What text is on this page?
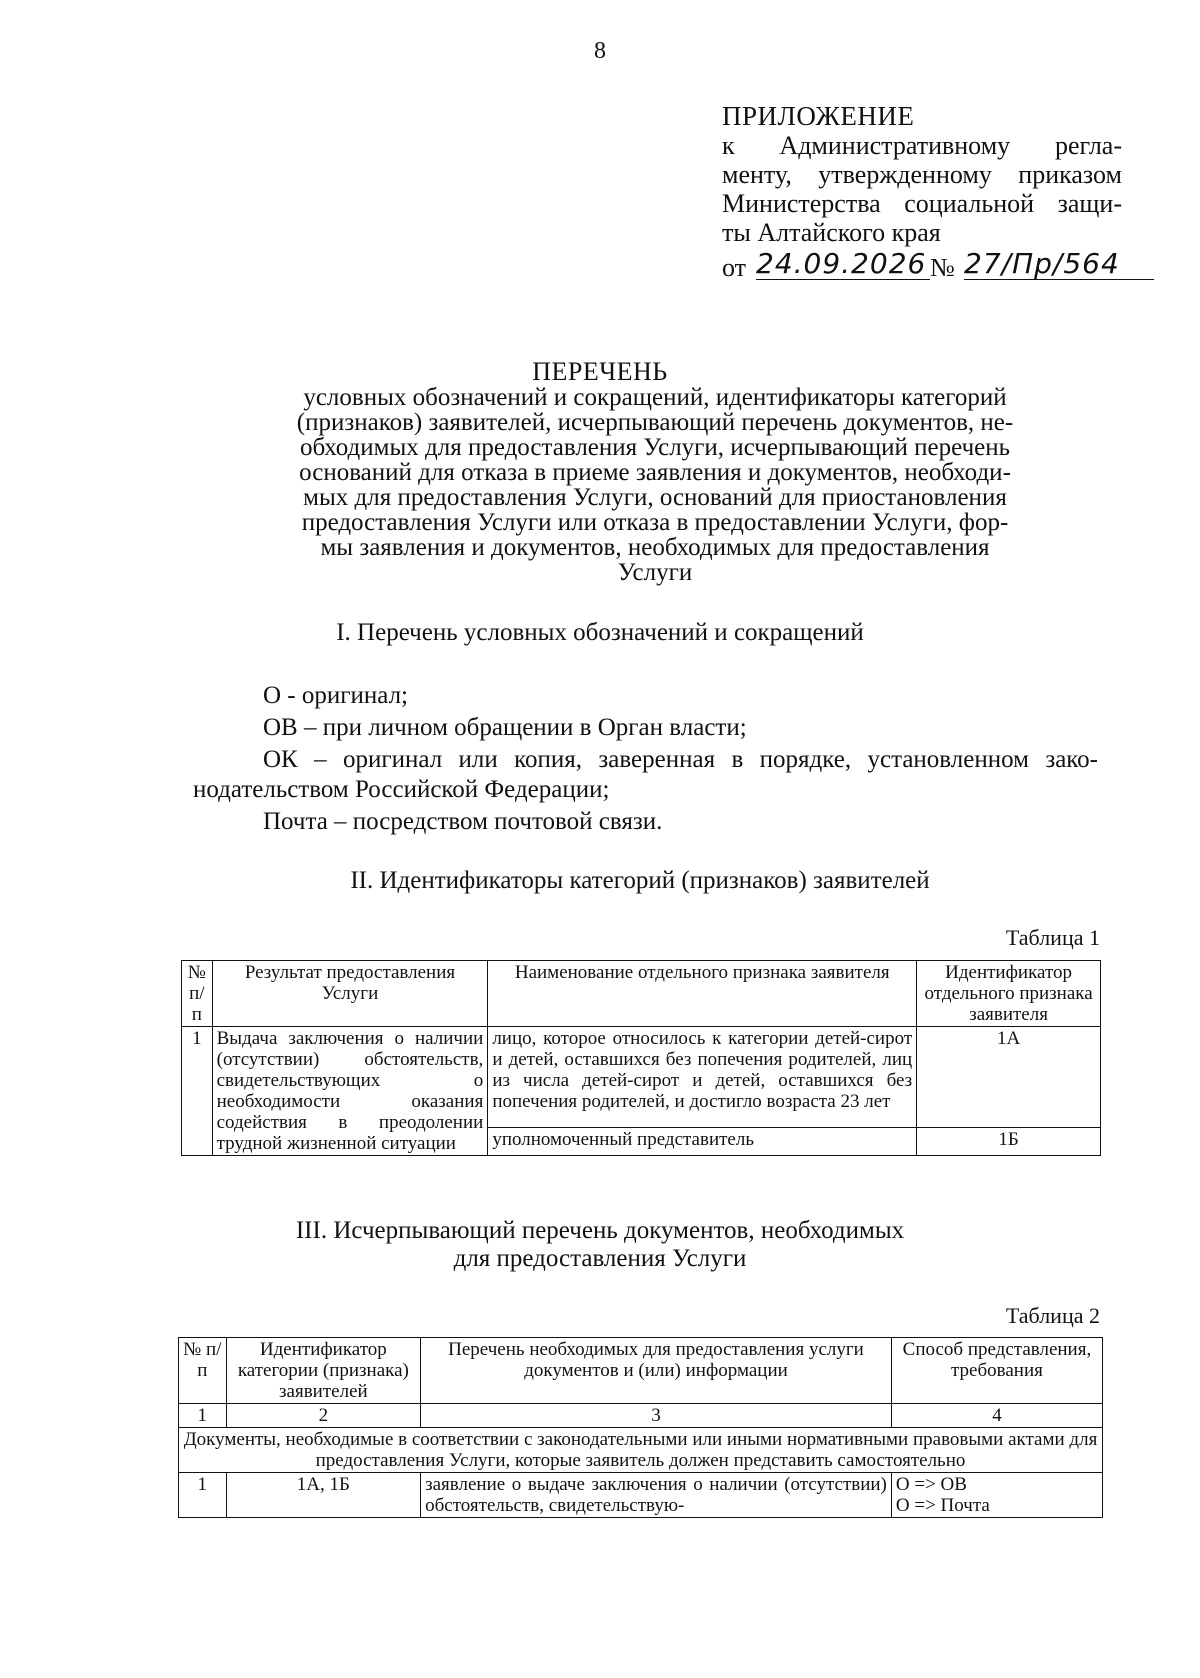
8
ПРИЛОЖЕНИЕ
к Административному регла-
менту, утвержденному приказом
Министерства социальной защи-
ты Алтайского края
от 24.09.2026 № 27/Пр/564
ПЕРЕЧЕНЬ
условных обозначений и сокращений, идентификаторы категорий
(признаков) заявителей, исчерпывающий перечень документов, не-
обходимых для предоставления Услуги, исчерпывающий перечень
оснований для отказа в приеме заявления и документов, необходи-
мых для предоставления Услуги, оснований для приостановления
предоставления Услуги или отказа в предоставлении Услуги, фор-
мы заявления и документов, необходимых для предоставления
Услуги
I. Перечень условных обозначений и сокращений
О - оригинал;
ОВ – при личном обращении в Орган власти;
ОК – оригинал или копия, заверенная в порядке, установленном зако-
нодательством Российской Федерации;
Почта – посредством почтовой связи.
II. Идентификаторы категорий (признаков) заявителей
Таблица 1
№ п/п	Результат предоставления Услуги	Наименование отдельного признака заявителя	Идентификатор отдельного признака заявителя
1	Выдача заключения о наличии (отсутствии) обстоятельств, свидетельствующих о необходимости оказания содействия в преодолении трудной жизненной ситуации	лицо, которое относилось к категории детей-сирот и детей, оставшихся без попечения родителей, лиц из числа детей-сирот и детей, оставшихся без попечения родителей, и достигло возраста 23 лет	1А
		уполномоченный представитель	1Б
III. Исчерпывающий перечень документов, необходимых
для предоставления Услуги
Таблица 2
№ п/п	Идентификатор категории (признака) заявителей	Перечень необходимых для предоставления услуги документов и (или) информации	Способ представления, требования
1	2	3	4
Документы, необходимые в соответствии с законодательными или иными нормативными правовыми актами для предоставления Услуги, которые заявитель должен представить самостоятельно			
1	1А, 1Б	заявление о выдаче заключения о наличии (отсутствии) обстоятельств, свидетельствую-	О => ОВ
О => Почта
